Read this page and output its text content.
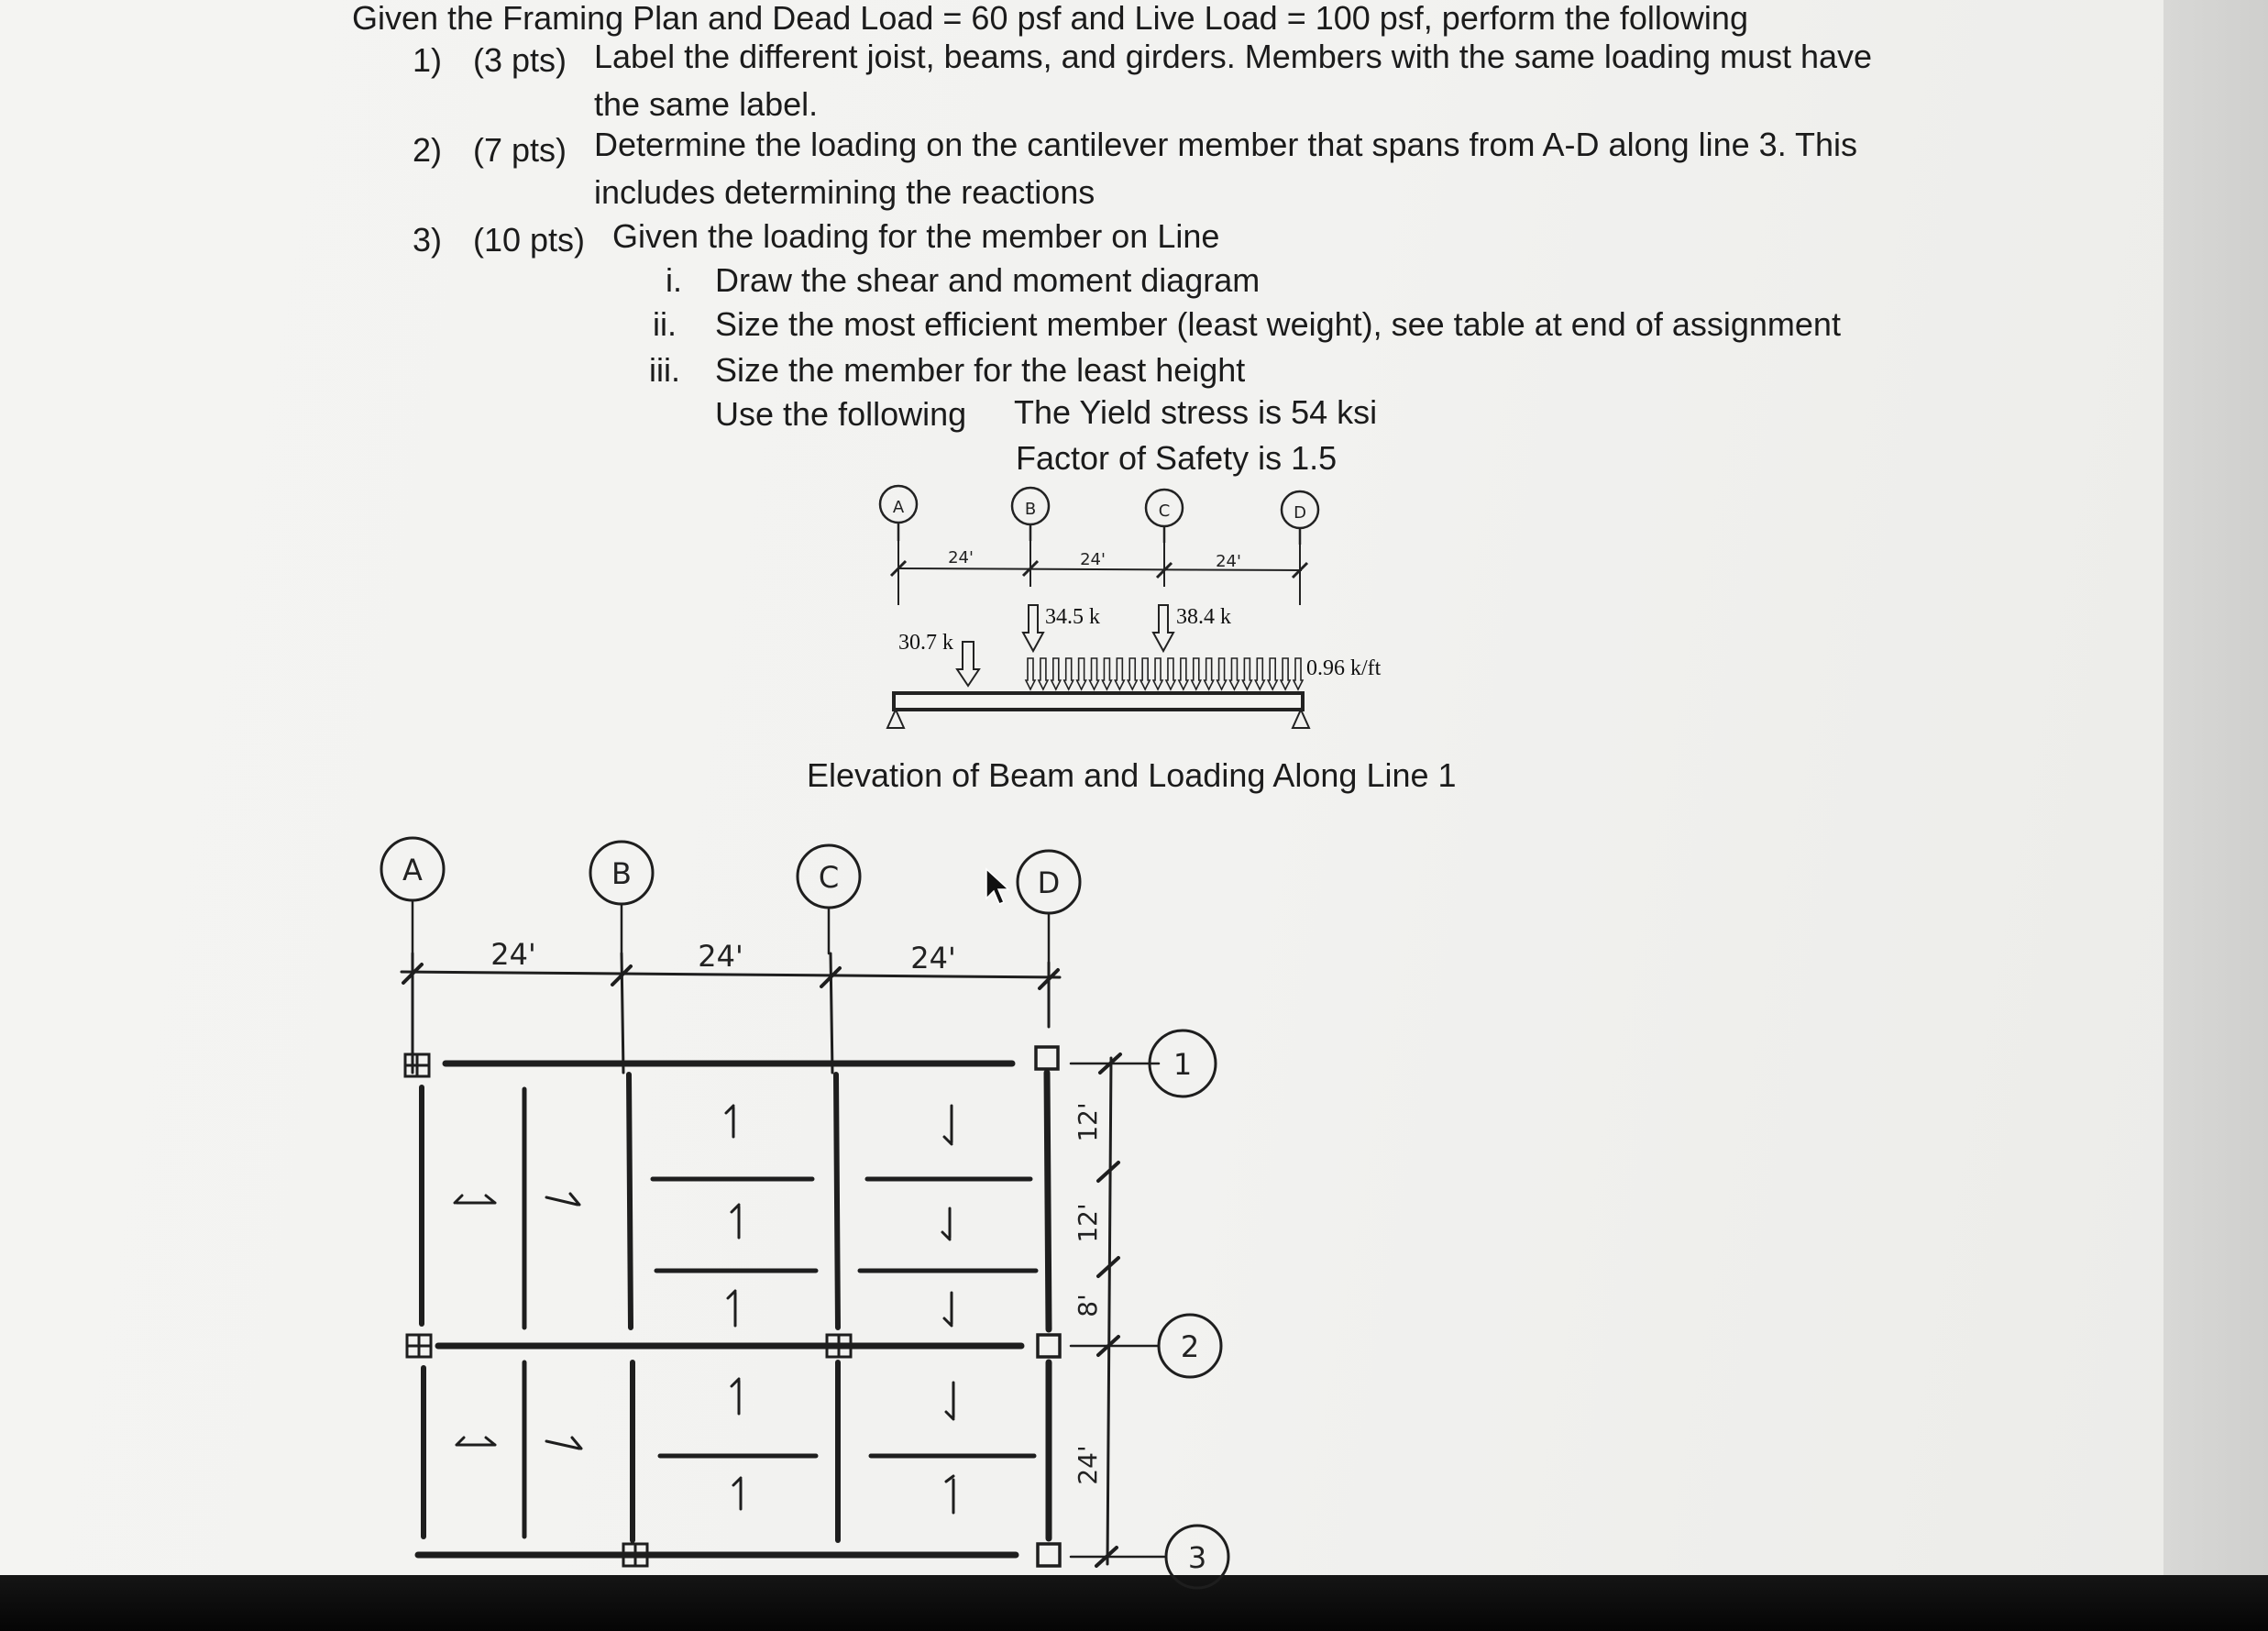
Given the Framing Plan and Dead Load = 60 psf and Live Load = 100 psf, perform the following

1) (3 pts) Label the different joist, beams, and girders. Members with the same loading must have

the same label.

2) (7 pts) Determine the loading on the cantilever member that spans from A-D along line 3. This

includes determining the reactions

3) (10 pts) Given the loading for the member on Line

i. Draw the shear and moment diagram

ii. Size the most efficient member (least weight), see table at end of assignment

iii. Size the member for the least height

Use the following The Yield stress is 54 ksi

Factor of Safety is 1.5

Elevation of Beam and Loading Along Line 1

A	B	C	D
24'	24'	24'
30.7 k
34.5 k	38.4 k
0.96 k/ft
A	B	C	D
24'	24'	24'
1
2
3
12'
12'
8'
24'
